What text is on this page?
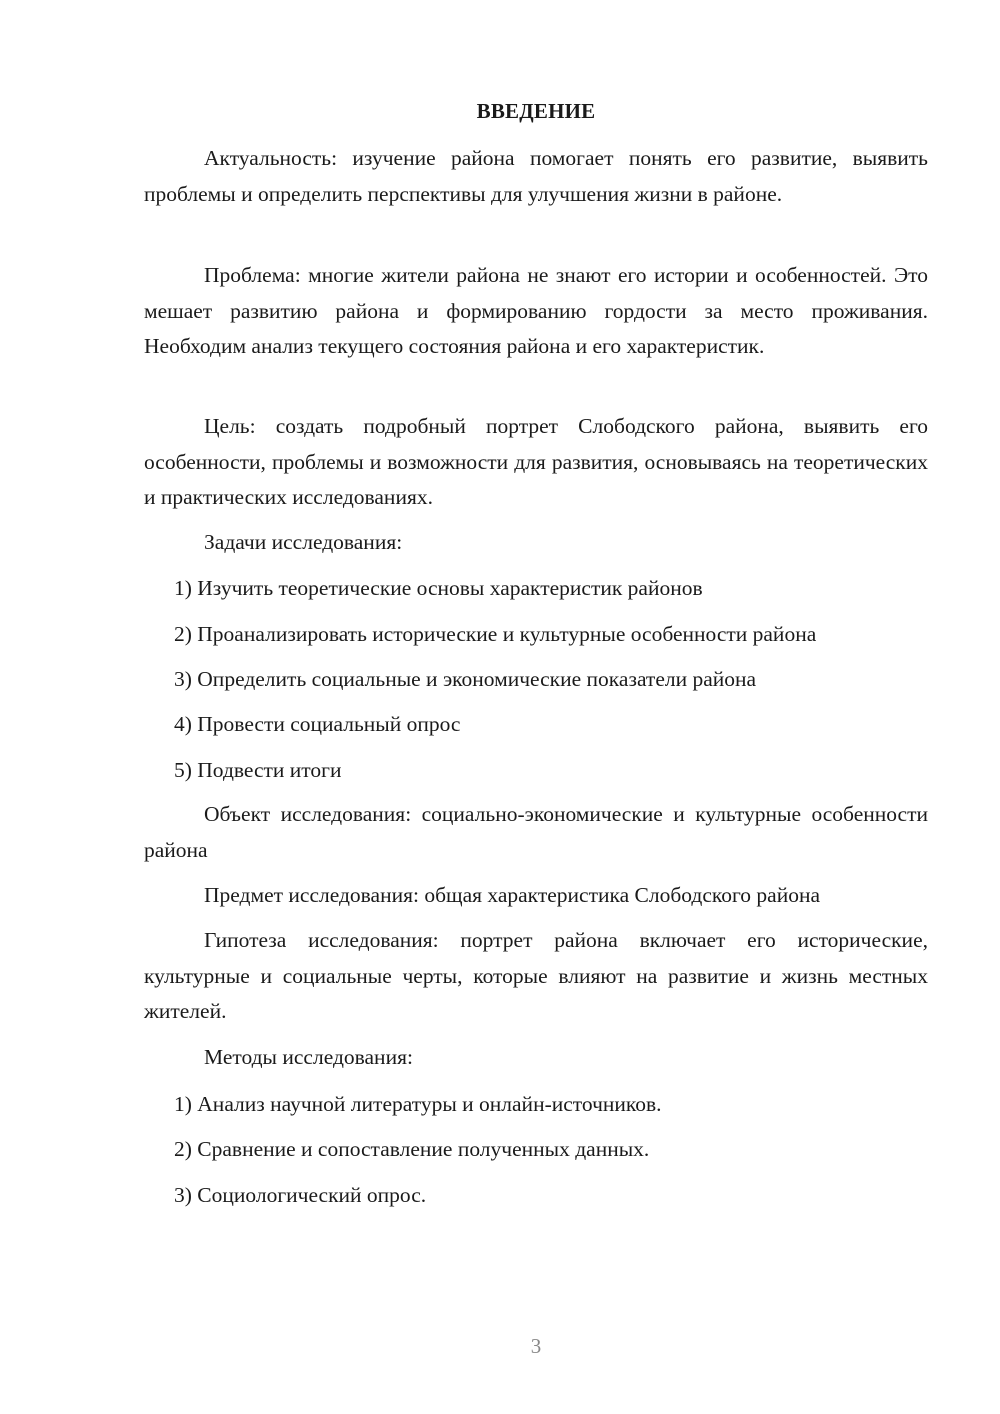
ВВЕДЕНИЕ

Актуальность: изучение района помогает понять его развитие, выявить проблемы и определить перспективы для улучшения жизни в районе.

Проблема: многие жители района не знают его истории и особенностей. Это мешает развитию района и формированию гордости за место проживания. Необходим анализ текущего состояния района и его характеристик.

Цель: создать подробный портрет Слободского района, выявить его особенности, проблемы и возможности для развития, основываясь на теоретических и практических исследованиях.

Задачи исследования:

1) Изучить теоретические основы характеристик районов

2) Проанализировать исторические и культурные особенности района

3) Определить социальные и экономические показатели района

4) Провести социальный опрос

5) Подвести итоги

Объект исследования: социально-экономические и культурные особенности района

Предмет исследования: общая характеристика Слободского района

Гипотеза исследования: портрет района включает его исторические, культурные и социальные черты, которые влияют на развитие и жизнь местных жителей.

Методы исследования:

1) Анализ научной литературы и онлайн-источников.

2) Сравнение и сопоставление полученных данных.

3) Социологический опрос.

3
